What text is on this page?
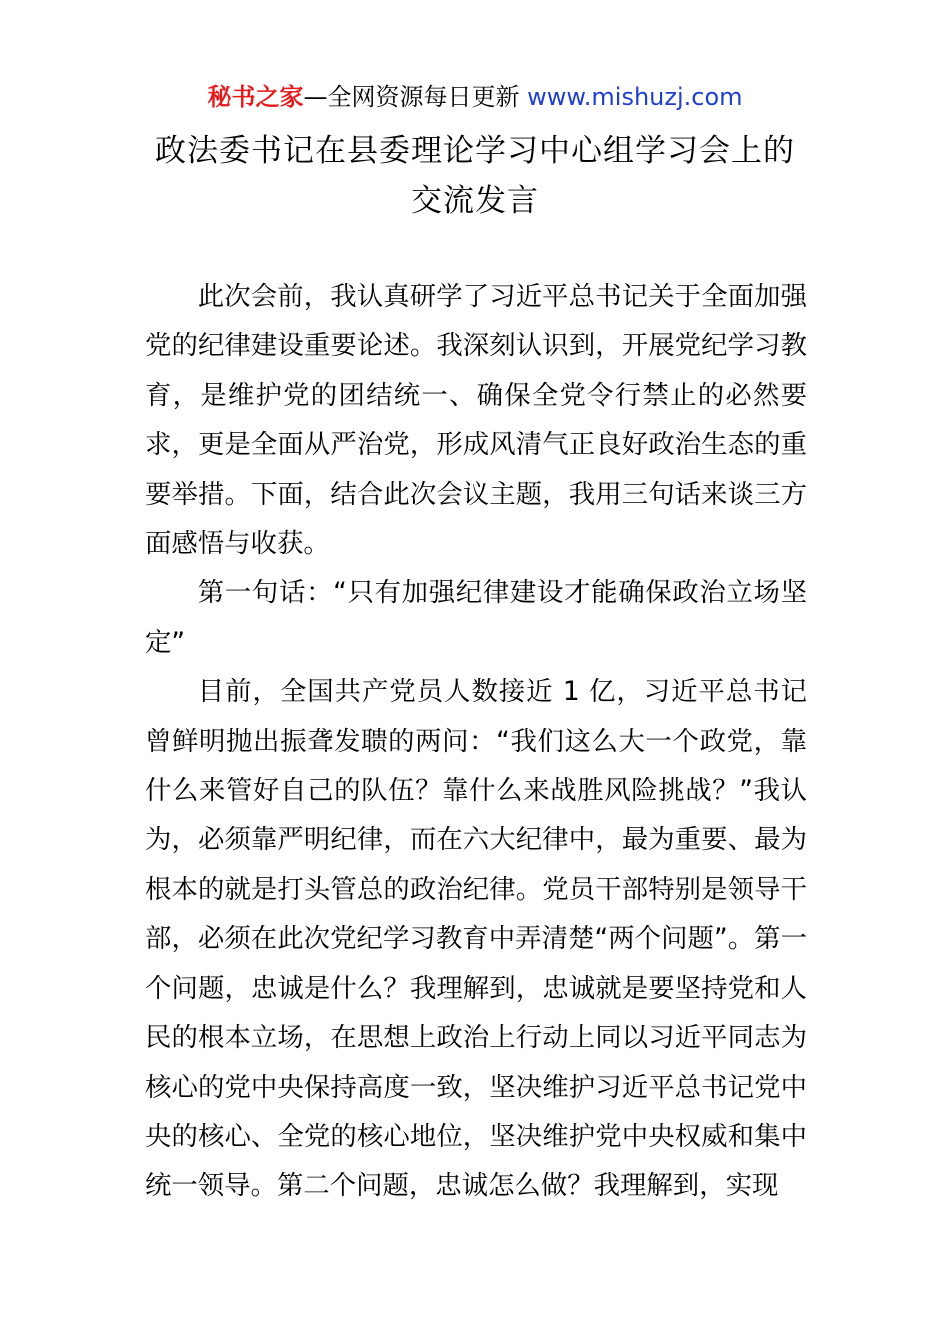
秘书之家—全网资源每日更新 www.mishuzj.com
政法委书记在县委理论学习中心组学习会上的
交流发言

此次会前，我认真研学了习近平总书记关于全面加强党的纪律建设重要论述。我深刻认识到，开展党纪学习教育，是维护党的团结统一、确保全党令行禁止的必然要求，更是全面从严治党，形成风清气正良好政治生态的重要举措。下面，结合此次会议主题，我用三句话来谈三方面感悟与收获。

第一句话：“只有加强纪律建设才能确保政治立场坚定”

目前，全国共产党员人数接近 1 亿，习近平总书记曾鲜明抛出振聋发聩的两问：“我们这么大一个政党，靠什么来管好自己的队伍？靠什么来战胜风险挑战？”我认为，必须靠严明纪律，而在六大纪律中，最为重要、最为根本的就是打头管总的政治纪律。党员干部特别是领导干部，必须在此次党纪学习教育中弄清楚“两个问题”。第一个问题，忠诚是什么？我理解到，忠诚就是要坚持党和人民的根本立场，在思想上政治上行动上同以习近平同志为核心的党中央保持高度一致，坚决维护习近平总书记党中央的核心、全党的核心地位，坚决维护党中央权威和集中统一领导。第二个问题，忠诚怎么做？我理解到，实现
